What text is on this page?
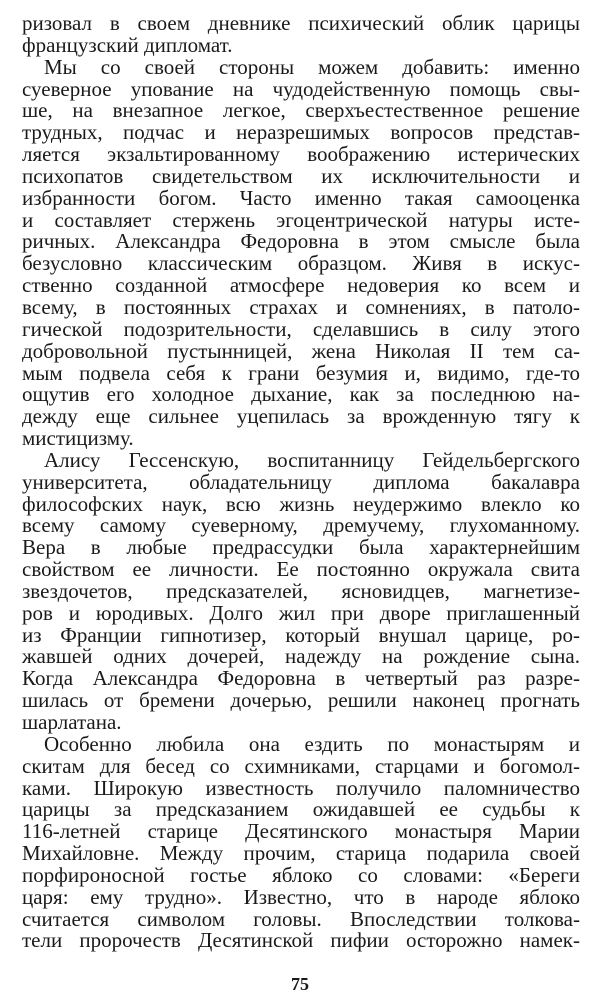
ризовал в своем дневнике психический облик царицы
французский дипломат.
Мы со своей стороны можем добавить: именно
суеверное упование на чудодейственную помощь свы-
ше, на внезапное легкое, сверхъестественное решение
трудных, подчас и неразрешимых вопросов представ-
ляется экзальтированному воображению истерических
психопатов свидетельством их исключительности и
избранности богом. Часто именно такая самооценка
и составляет стержень эгоцентрической натуры исте-
ричных. Александра Федоровна в этом смысле была
безусловно классическим образцом. Живя в искус-
ственно созданной атмосфере недоверия ко всем и
всему, в постоянных страхах и сомнениях, в патоло-
гической подозрительности, сделавшись в силу этого
добровольной пустынницей, жена Николая II тем са-
мым подвела себя к грани безумия и, видимо, где-то
ощутив его холодное дыхание, как за последнюю на-
дежду еще сильнее уцепилась за врожденную тягу к
мистицизму.
Алису Гессенскую, воспитанницу Гейдельбергского
университета, обладательницу диплома бакалавра
философских наук, всю жизнь неудержимо влекло ко
всему самому суеверному, дремучему, глухоманному.
Вера в любые предрассудки была характернейшим
свойством ее личности. Ее постоянно окружала свита
звездочетов, предсказателей, ясновидцев, магнетизе-
ров и юродивых. Долго жил при дворе приглашенный
из Франции гипнотизер, который внушал царице, ро-
жавшей одних дочерей, надежду на рождение сына.
Когда Александра Федоровна в четвертый раз разре-
шилась от бремени дочерью, решили наконец прогнать
шарлатана.
Особенно любила она ездить по монастырям и
скитам для бесед со схимниками, старцами и богомол-
ками. Широкую известность получило паломничество
царицы за предсказанием ожидавшей ее судьбы к
116-летней старице Десятинского монастыря Марии
Михайловне. Между прочим, старица подарила своей
порфироносной гостье яблоко со словами: «Береги
царя: ему трудно». Известно, что в народе яблоко
считается символом головы. Впоследствии толкова-
тели пророчеств Десятинской пифии осторожно намек-
75
